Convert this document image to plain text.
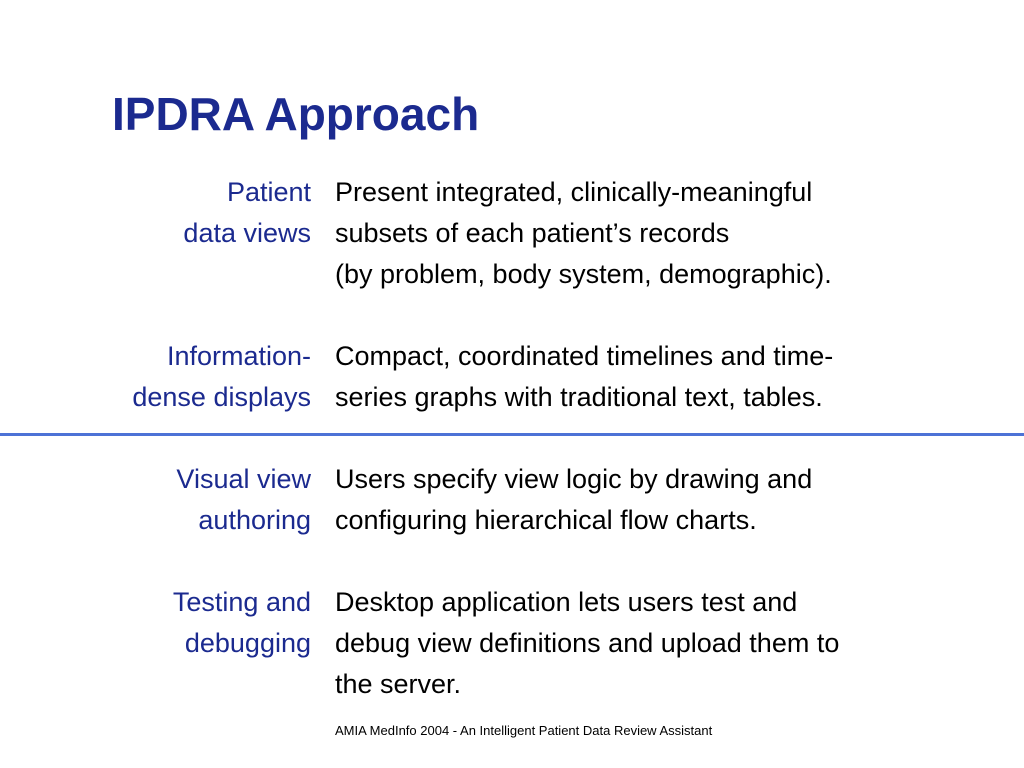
IPDRA Approach
Patient
data views
Present integrated, clinically-meaningful
subsets of each patient’s records
(by problem, body system, demographic).
Information-
dense displays
Compact, coordinated timelines and time-
series graphs with traditional text, tables.
Visual view
authoring
Users specify view logic by drawing and
configuring hierarchical flow charts.
Testing and
debugging
Desktop application lets users test and
debug view definitions and upload them to
the server.

AMIA MedInfo 2004 - An Intelligent Patient Data Review Assistant
